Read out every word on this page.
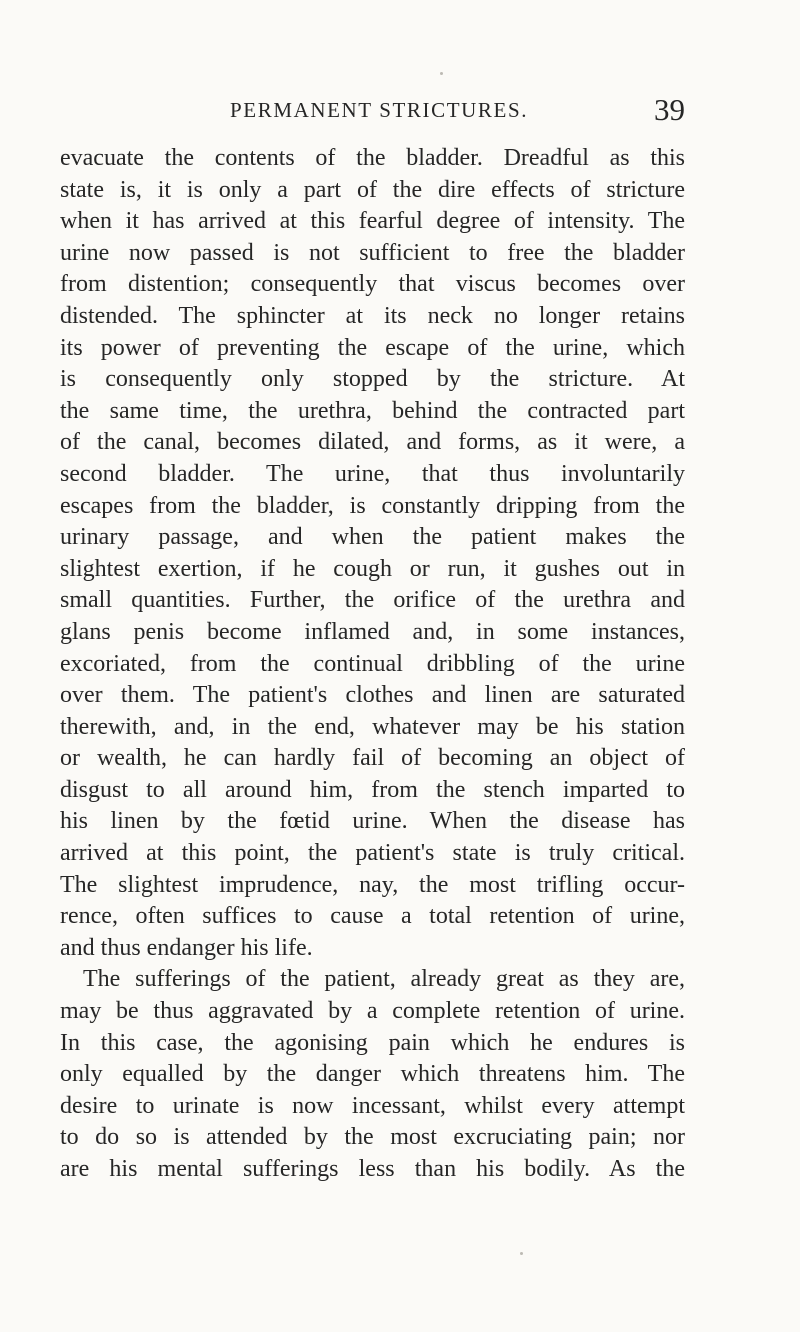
PERMANENT STRICTURES.	39
evacuate the contents of the bladder. Dreadful as this
state is, it is only a part of the dire effects of stricture
when it has arrived at this fearful degree of intensity. The
urine now passed is not sufficient to free the bladder
from distention; consequently that viscus becomes over
distended. The sphincter at its neck no longer retains
its power of preventing the escape of the urine, which
is consequently only stopped by the stricture. At
the same time, the urethra, behind the contracted part
of the canal, becomes dilated, and forms, as it were, a
second bladder. The urine, that thus involuntarily
escapes from the bladder, is constantly dripping from the
urinary passage, and when the patient makes the
slightest exertion, if he cough or run, it gushes out in
small quantities. Further, the orifice of the urethra and
glans penis become inflamed and, in some instances,
excoriated, from the continual dribbling of the urine
over them. The patient's clothes and linen are saturated
therewith, and, in the end, whatever may be his station
or wealth, he can hardly fail of becoming an object of
disgust to all around him, from the stench imparted to
his linen by the fœtid urine. When the disease has
arrived at this point, the patient's state is truly critical.
The slightest imprudence, nay, the most trifling occur-
rence, often suffices to cause a total retention of urine,
and thus endanger his life.
The sufferings of the patient, already great as they are,
may be thus aggravated by a complete retention of urine.
In this case, the agonising pain which he endures is
only equalled by the danger which threatens him. The
desire to urinate is now incessant, whilst every attempt
to do so is attended by the most excruciating pain; nor
are his mental sufferings less than his bodily. As the
